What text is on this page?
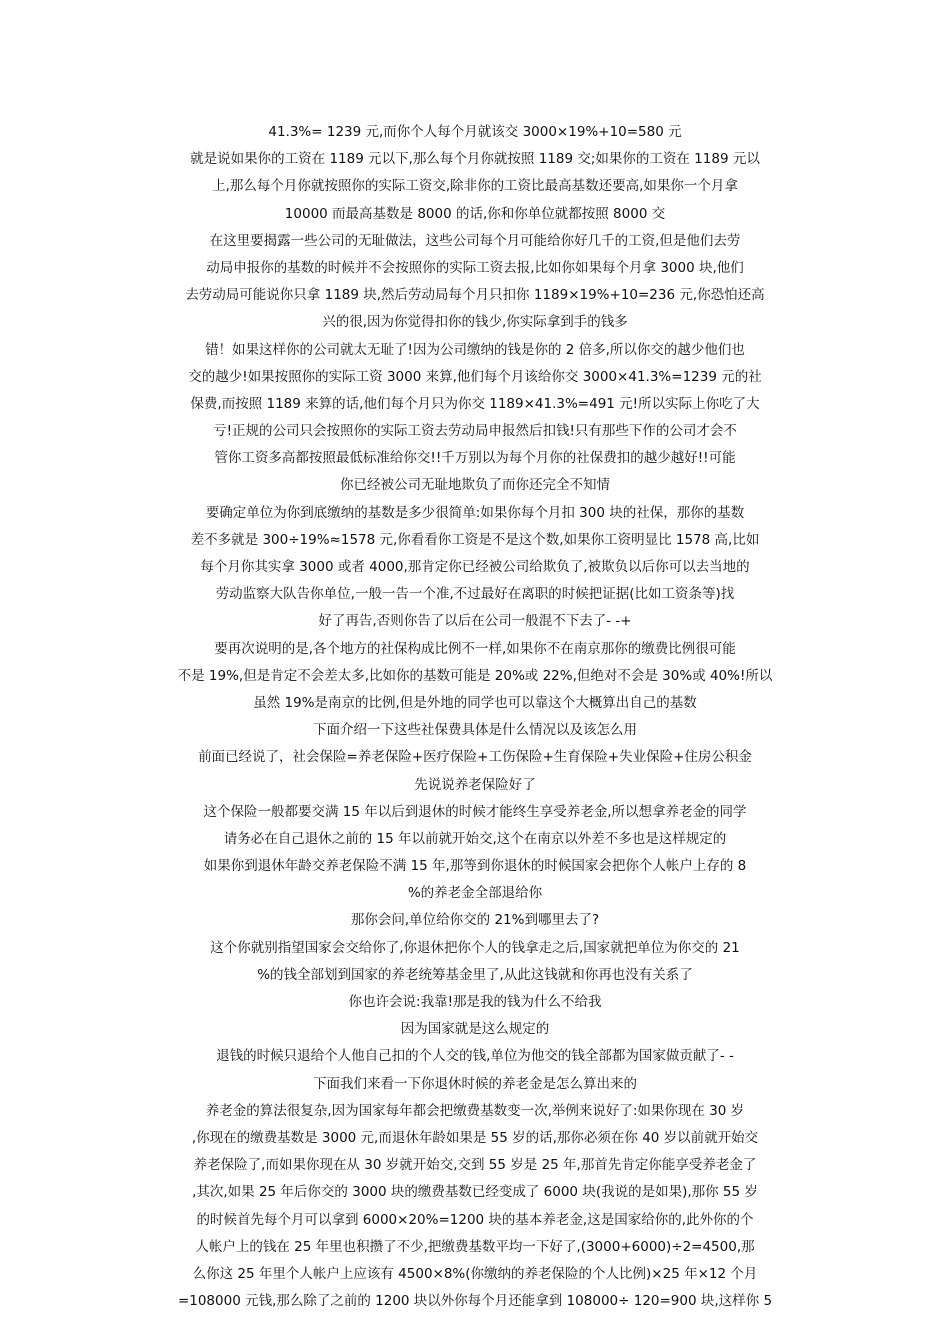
41.3%= 1239 元,而你个人每个月就该交 3000×19%+10=580 元
就是说如果你的工资在 1189 元以下,那么每个月你就按照 1189 交;如果你的工资在 1189 元以
上,那么每个月你就按照你的实际工资交,除非你的工资比最高基数还要高,如果你一个月拿
10000 而最高基数是 8000 的话,你和你单位就都按照 8000 交
在这里要揭露一些公司的无耻做法，这些公司每个月可能给你好几千的工资,但是他们去劳
动局申报你的基数的时候并不会按照你的实际工资去报,比如你如果每个月拿 3000 块,他们
去劳动局可能说你只拿 1189 块,然后劳动局每个月只扣你 1189×19%+10=236 元,你恐怕还高
兴的很,因为你觉得扣你的钱少,你实际拿到手的钱多
错！如果这样你的公司就太无耻了!因为公司缴纳的钱是你的 2 倍多,所以你交的越少他们也
交的越少!如果按照你的实际工资 3000 来算,他们每个月该给你交 3000×41.3%=1239 元的社
保费,而按照 1189 来算的话,他们每个月只为你交 1189×41.3%=491 元!所以实际上你吃了大
亏!正规的公司只会按照你的实际工资去劳动局申报然后扣钱!只有那些下作的公司才会不
管你工资多高都按照最低标准给你交!!千万别以为每个月你的社保费扣的越少越好!!可能
你已经被公司无耻地欺负了而你还完全不知情
要确定单位为你到底缴纳的基数是多少很简单:如果你每个月扣 300 块的社保，那你的基数
差不多就是 300÷19%≈1578 元,你看看你工资是不是这个数,如果你工资明显比 1578 高,比如
每个月你其实拿 3000 或者 4000,那肯定你已经被公司给欺负了,被欺负以后你可以去当地的
劳动监察大队告你单位,一般一告一个准,不过最好在离职的时候把证据(比如工资条等)找
好了再告,否则你告了以后在公司一般混不下去了- -+
要再次说明的是,各个地方的社保构成比例不一样,如果你不在南京那你的缴费比例很可能
不是 19%,但是肯定不会差太多,比如你的基数可能是 20%或 22%,但绝对不会是 30%或 40%!所以
虽然 19%是南京的比例,但是外地的同学也可以靠这个大概算出自己的基数
下面介绍一下这些社保费具体是什么情况以及该怎么用
前面已经说了，社会保险=养老保险+医疗保险+工伤保险+生育保险+失业保险+住房公积金
先说说养老保险好了
这个保险一般都要交满 15 年以后到退休的时候才能终生享受养老金,所以想拿养老金的同学
请务必在自己退休之前的 15 年以前就开始交,这个在南京以外差不多也是这样规定的
如果你到退休年龄交养老保险不满 15 年,那等到你退休的时候国家会把你个人帐户上存的 8
%的养老金全部退给你
那你会问,单位给你交的 21%到哪里去了?
这个你就别指望国家会交给你了,你退休把你个人的钱拿走之后,国家就把单位为你交的 21
%的钱全部划到国家的养老统筹基金里了,从此这钱就和你再也没有关系了
你也许会说:我靠!那是我的钱为什么不给我
因为国家就是这么规定的
退钱的时候只退给个人他自己扣的个人交的钱,单位为他交的钱全部都为国家做贡献了- -
下面我们来看一下你退休时候的养老金是怎么算出来的
养老金的算法很复杂,因为国家每年都会把缴费基数变一次,举例来说好了:如果你现在 30 岁
,你现在的缴费基数是 3000 元,而退休年龄如果是 55 岁的话,那你必须在你 40 岁以前就开始交
养老保险了,而如果你现在从 30 岁就开始交,交到 55 岁是 25 年,那首先肯定你能享受养老金了
,其次,如果 25 年后你交的 3000 块的缴费基数已经变成了 6000 块(我说的是如果),那你 55 岁
的时候首先每个月可以拿到 6000×20%=1200 块的基本养老金,这是国家给你的,此外你的个
人帐户上的钱在 25 年里也积攒了不少,把缴费基数平均一下好了,(3000+6000)÷2=4500,那
么你这 25 年里个人帐户上应该有 4500×8%(你缴纳的养老保险的个人比例)×25 年×12 个月
=108000 元钱,那么除了之前的 1200 块以外你每个月还能拿到 108000÷ 120=900 块,这样你 5
